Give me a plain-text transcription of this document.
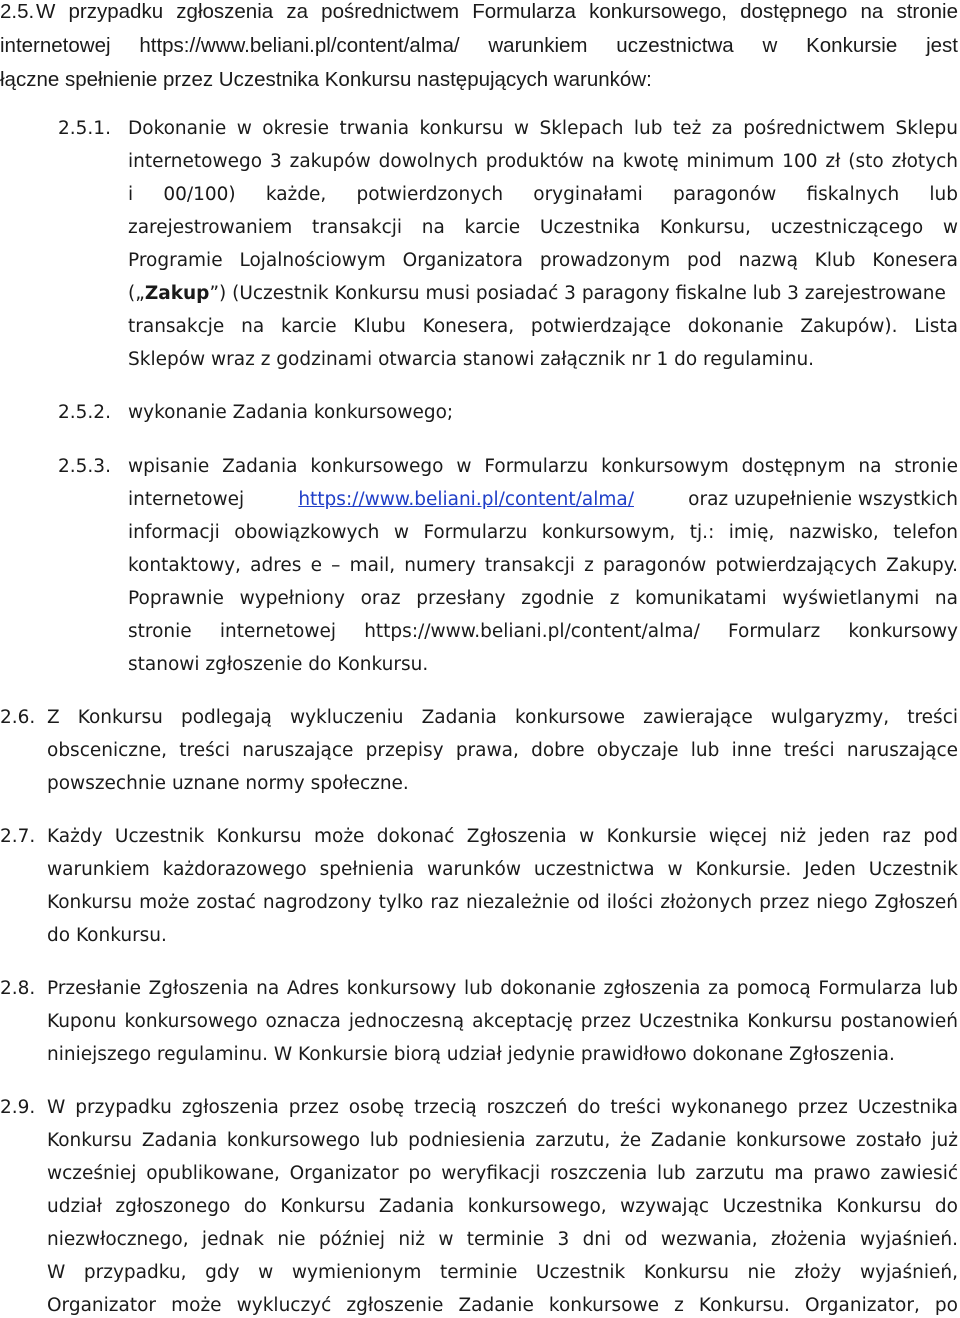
2.5. W przypadku zgłoszenia za pośrednictwem Formularza konkursowego, dostępnego na stronie
internetowej https://www.beliani.pl/content/alma/ warunkiem uczestnictwa w Konkursie jest
łączne spełnienie przez Uczestnika Konkursu następujących warunków:
2.5.1. Dokonanie w okresie trwania konkursu w Sklepach lub też za pośrednictwem Sklepu
internetowego 3 zakupów dowolnych produktów na kwotę minimum 100 zł (sto złotych
i 00/100) każde, potwierdzonych oryginałami paragonów fiskalnych lub
zarejestrowaniem transakcji na karcie Uczestnika Konkursu, uczestniczącego w
Programie Lojalnościowym Organizatora prowadzonym pod nazwą Klub Konesera
(„Zakup”) (Uczestnik Konkursu musi posiadać 3 paragony fiskalne lub 3 zarejestrowane
transakcje na karcie Klubu Konesera, potwierdzające dokonanie Zakupów). Lista
Sklepów wraz z godzinami otwarcia stanowi załącznik nr 1 do regulaminu.
2.5.2. wykonanie Zadania konkursowego;
2.5.3. wpisanie Zadania konkursowego w Formularzu konkursowym dostępnym na stronie
internetowej	https://www.beliani.pl/content/alma/	oraz uzupełnienie wszystkich
informacji obowiązkowych w Formularzu konkursowym, tj.: imię, nazwisko, telefon
kontaktowy, adres e – mail, numery transakcji z paragonów potwierdzających Zakupy.
Poprawnie wypełniony oraz przesłany zgodnie z komunikatami wyświetlanymi na
stronie internetowej https://www.beliani.pl/content/alma/ Formularz konkursowy
stanowi zgłoszenie do Konkursu.
2.6. Z Konkursu podlegają wykluczeniu Zadania konkursowe zawierające wulgaryzmy, treści
obsceniczne, treści naruszające przepisy prawa, dobre obyczaje lub inne treści naruszające
powszechnie uznane normy społeczne.
2.7. Każdy Uczestnik Konkursu może dokonać Zgłoszenia w Konkursie więcej niż jeden raz pod
warunkiem każdorazowego spełnienia warunków uczestnictwa w Konkursie. Jeden Uczestnik
Konkursu może zostać nagrodzony tylko raz niezależnie od ilości złożonych przez niego Zgłoszeń
do Konkursu.
2.8. Przesłanie Zgłoszenia na Adres konkursowy lub dokonanie zgłoszenia za pomocą Formularza lub
Kuponu konkursowego oznacza jednoczesną akceptację przez Uczestnika Konkursu postanowień
niniejszego regulaminu. W Konkursie biorą udział jedynie prawidłowo dokonane Zgłoszenia.
2.9. W przypadku zgłoszenia przez osobę trzecią roszczeń do treści wykonanego przez Uczestnika
Konkursu Zadania konkursowego lub podniesienia zarzutu, że Zadanie konkursowe zostało już
wcześniej opublikowane, Organizator po weryfikacji roszczenia lub zarzutu ma prawo zawiesić
udział zgłoszonego do Konkursu Zadania konkursowego, wzywając Uczestnika Konkursu do
niezwłocznego, jednak nie później niż w terminie 3 dni od wezwania, złożenia wyjaśnień.
W przypadku, gdy w wymienionym terminie Uczestnik Konkursu nie złoży wyjaśnień,
Organizator może wykluczyć zgłoszenie Zadanie konkursowe z Konkursu. Organizator, po
